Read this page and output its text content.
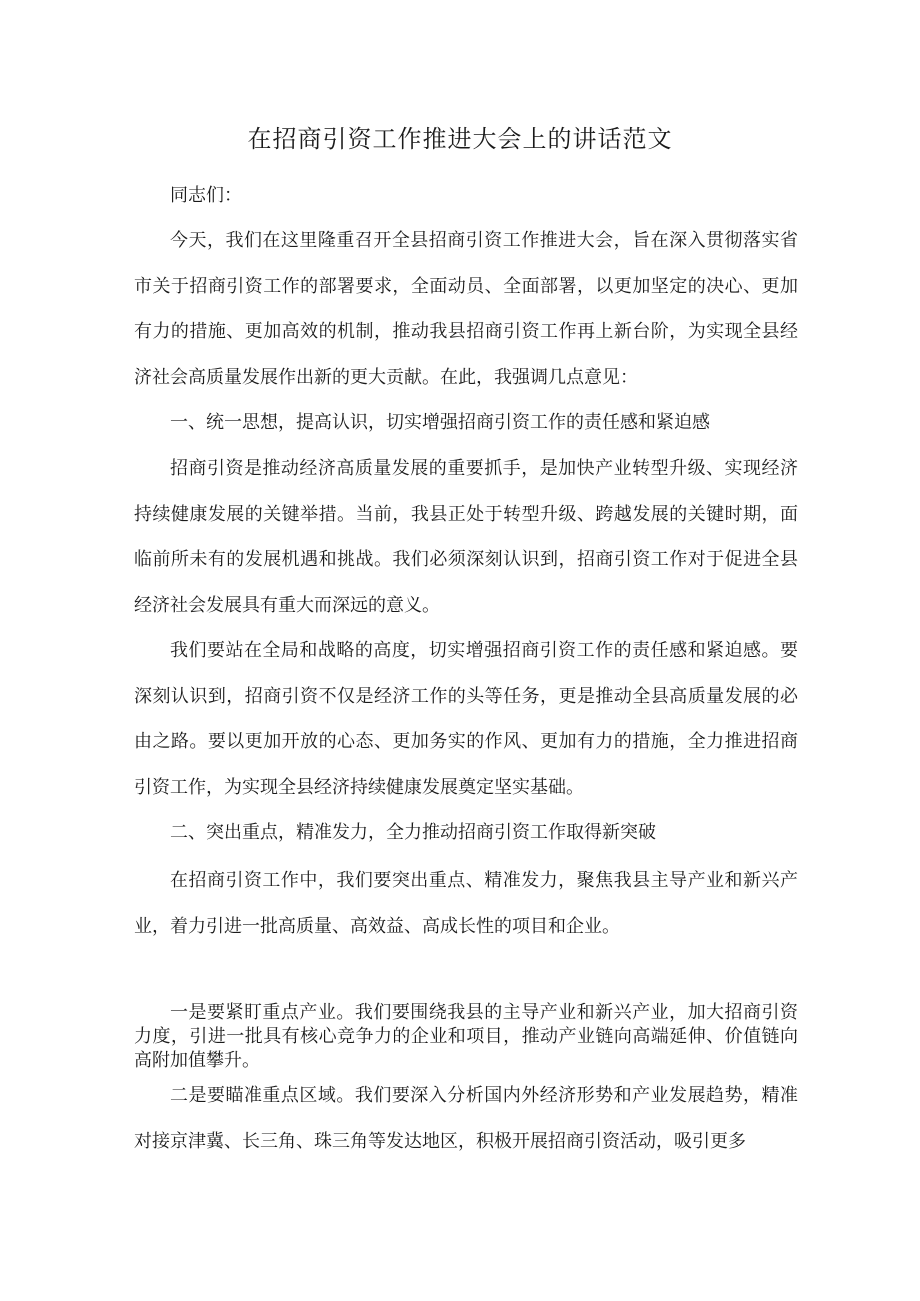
在招商引资工作推进大会上的讲话范文

同志们：

今天，我们在这里隆重召开全县招商引资工作推进大会，旨在深入贯彻落实省市关于招商引资工作的部署要求，全面动员、全面部署，以更加坚定的决心、更加有力的措施、更加高效的机制，推动我县招商引资工作再上新台阶，为实现全县经济社会高质量发展作出新的更大贡献。在此，我强调几点意见：

一、统一思想，提高认识，切实增强招商引资工作的责任感和紧迫感

招商引资是推动经济高质量发展的重要抓手，是加快产业转型升级、实现经济持续健康发展的关键举措。当前，我县正处于转型升级、跨越发展的关键时期，面临前所未有的发展机遇和挑战。我们必须深刻认识到，招商引资工作对于促进全县经济社会发展具有重大而深远的意义。

我们要站在全局和战略的高度，切实增强招商引资工作的责任感和紧迫感。要深刻认识到，招商引资不仅是经济工作的头等任务，更是推动全县高质量发展的必由之路。要以更加开放的心态、更加务实的作风、更加有力的措施，全力推进招商引资工作，为实现全县经济持续健康发展奠定坚实基础。

二、突出重点，精准发力，全力推动招商引资工作取得新突破

在招商引资工作中，我们要突出重点、精准发力，聚焦我县主导产业和新兴产业，着力引进一批高质量、高效益、高成长性的项目和企业。

一是要紧盯重点产业。我们要围绕我县的主导产业和新兴产业，加大招商引资力度，引进一批具有核心竞争力的企业和项目，推动产业链向高端延伸、价值链向高附加值攀升。

二是要瞄准重点区域。我们要深入分析国内外经济形势和产业发展趋势，精准对接京津冀、长三角、珠三角等发达地区，积极开展招商引资活动，吸引更多
